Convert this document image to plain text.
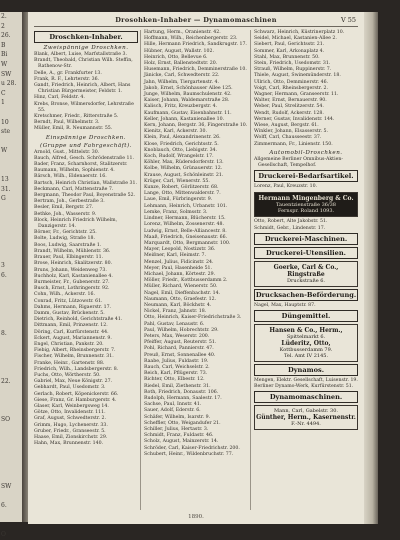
2.
2
26.
B
Bi
W
SW
u 28.
C
1

10
ste

W

13
31.
G

3
6.

8.

22.

SO

SW

6.

O
Drosohken-Inhaber — Dynamomaschinen	V 55
Droschken-Inhaber.
Zweispännige Droschken.

Blank, Albert, Luise, Marfstallstraße 3.

Brandt, Theobald, Christian Wilh. Steffin, Rathenow-Str.

Delle, A., gr. Frankfurter 13.

Frank, R. F., Lehrterstr. 36.

Gandt, Friedrich, Heinrich, Albert, Hans Christian Bürgermeister, Feldstr. 1.

Hinz, Carl, Feldstr. 4.

Krebs, Bronse, Wilmersdorfer, Lehrstraße 55.

Kretschmer, Friedr., Ritterstraße 5.

Berndt, Paul, Wilhelmstr. 3.

Müller, Emil, R. Neumannstr. 55.

Einspännige Droschken.
(Gruppe und Fahrgeschäft).

Arnold, Gust., Mittelstr. 30.

Bauch, Alfred, Gesch. Schrödenstraße 11.

Bader, Franz, Scharnhorst, Stalitzerstr.

Baumann, Wilhelm, Sophienstr. 4.

Bärsch, Wilh., Eldenaerstr. 16.

Bartsch, Heinrich Christian, Wallstraße 31.

Beckmann, Carl, Mattenstraße 7.

Bergmann, Theodor Paul, Boyenstraße 52.

Bertram, Joh., Gerbestraße 3.

Besler, Emil, Bergstr. 27.

Bethke, Joh., Wasserstr. 9.

Block, Heinrich Friedrich Wilhelm, Danzigerstr. 14.

Börner, Fr., Gerichtstr. 25.

Bolte, Ludwig, Straße 18.

Boos, Ludwig, Saarstraße 1.

Brandt, Wilhelm, Mühlenstr. 36.

Brauer, Paul, Elbingerstr. 11.

Brose, Heinrich, Skalitzerstr. 80.

Bruns, Johann, Weidenweg 73.

Buchholz, Karl, Kastanienallee 4.

Burmeister, Fr., Gubenerstr. 27.

Busch, Ernst, Lothringerstr. 92.

Cohn, Wilh., Ackerstr. 16.

Conrad, Fritz, Lützowstr. 61.

Dahms, Hermann, Rigaerstr. 17.

Damm, Gustav, Brückenstr. 5.

Dietrich, Reinhold, Gerichtstraße 41.

Dittmann, Emil, Prinzenstr. 12.

Döring, Carl, Kurfürstenstr. 44.

Eckert, August, Mariannenstr. 9.

Engel, Christian, Pankstr. 20.

Fiebig, Albert, Rheinsbergerstr. 7.

Fischer, Wilhelm, Brunnenstr. 31.

Franke, Heinr., Gartenstr. 88.

Friedrich, Wilh., Landsbergerstr. 8.

Fuchs, Otto, Wörtherstr. 50.

Gabriel, Max, Neue Königstr. 27.

Gebhardt, Paul, Usedomstr. 3.

Gerlach, Robert, Köpenickerstr. 66.

Giese, Franz, Gr. Hamburgerstr. 4.

Glaser, Karl, Weinbergsweg 14.

Götze, Otto, Invalidenstr. 111.

Graf, August, Schwedterstr. 2.

Grimm, Hugo, Lychenerstr. 33.

Gruber, Friedr., Granseestr. 5.

Haase, Emil, Zionskirchstr. 29.

Hahn, Max, Brunnenstr. 140.

Hartung, Herm., Oranienstr. 42.

Hoffmann, Wilh., Reichenbergerstr. 23.

Hille, Hermann Friedrich, Sandkrugstr. 17.

Hübner, August, Wallstr. 102.

Heinrich, Otto, Bellevue 6.

Holz, Ernst, Ballenstedtstr. 20.

Husemann, Friedrich, Demminerstraße 10.

Jänicke, Carl, Schwedterstr. 22.

Jahn, Wilhelm, Tiergartenstr. 4.

Jakob, Ernst, Schönhauser Allee 125.

Junge, Wilhelm, Baumschulenstr. 42.

Kaiser, Johann, Waldemarstraße 28.

Kalisch, Fritz, Kreuzbergstr. 4.

Kaufmann, Gustav, Eisenbahnstr. 11.

Keller, Johann, Kastanienallee 10.

Kern, Johann, Bergstr. 36, Fingerstraße 10.

Kienitz, Karl, Ackerstr. 30.

Klein, Paul, Alexandrinenstr. 26.

Klose, Friedrich, Gerichtsstr. 5.

Knoblauch, Otto, Liebigstr. 34.

Koch, Rudolf, Wrangelstr. 17.

Köhler, Max, Rüdersdorferstr. 13.

Kolbe, Wilhelm, Grünauerstr. 12.

Krause, August, Schönleinstr. 21.

Krüger, Carl, Wienerstr. 55.

Kunze, Robert, Görlitzerstr. 68.

Lange, Otto, Mittenwalderstr. 7.

Laue, Emil, Fürbringerstr. 9.

Lehmann, Heinrich, Urbanstr. 101.

Lemke, Franz, Solmsstr. 3.

Lindner, Hermann, Blücherstr. 15.

Lorenz, Wilhelm, Zossenerstr. 48.

Ludwig, Ernst, Belle-Alliancestr. 8.

Maaß, Friedrich, Gneisenaustr. 66.

Marquardt, Otto, Bergmannstr. 100.

Mayer, Leopold, Nostizstr. 36.

Meißner, Karl, Heimstr. 7.

Menzel, Julius, Fidicinstr. 24.

Meyer, Paul, Hasenheide 51.

Michael, Johann, Körtestr. 29.

Möller, Friedr., Kottbusserdamm 2.

Müller, Richard, Wienerstr. 50.

Nagel, Emil, Dieffenbachstr. 14.

Naumann, Otto, Graefestr. 12.

Neumann, Karl, Böckhstr. 4.

Nickel, Franz, Jahnstr. 18.

Otto, Heinrich, Kaiser-Friedrichstraße 3.

Pahl, Gustav, Lenaustr. 6.

Paul, Wilhelm, Hobrechtstr. 29.

Peters, Max, Weserstr. 200.

Pfeiffer, August, Reuterstr. 51.

Pohl, Richard, Pannierstr. 47.

Preuß, Ernst, Sonnenallee 40.

Raabe, Julius, Fuldastr. 19.

Rauch, Carl, Weichselstr. 2.

Reich, Karl, Pflügerstr. 73.

Richter, Otto, Elbestr. 12.

Riedel, Emil, Ziethenstr. 31.

Roth, Friedrich, Donaustr. 106.

Rudolph, Hermann, Saalestr. 17.

Sachse, Paul, Innstr. 41.

Sauer, Adolf, Ederstr. 6.

Schäfer, Wilhelm, Isarstr. 9.

Scheffler, Otto, Weigandufer 21.

Schiller, Julius, Hertastr. 3.

Schmidt, Franz, Fuldastr. 46.

Scholz, August, Mainzerstr. 14.

Schröder, Carl, Kaiser-Friedrichstr. 200.

Schubert, Heinr., Wildenbruchstr. 77.

Schwarz, Heinrich, Küstrinerplatz 10.

Seidel, Michael, Kastanien-Allee 2.

Siebert, Paul, Gerichtsstr. 21.

Sommer, Karl, Arkonaplatz 4.

Stahl, Max, Brunnenstr. 50.

Stein, Friedrich, Usedomstr. 31.

Strauß, Wilhelm, Ruppinerstr. 7.

Thiele, August, Swinemünderstr. 18.

Ullrich, Otto, Demminerstr. 46.

Voigt, Carl, Rheinsbergerstr. 2.

Wagner, Hermann, Granseerstr. 11.

Walter, Ernst, Bernauerstr. 90.

Weber, Paul, Strelitzerstr. 54.

Wendt, Rudolf, Ackerstr. 128.

Werner, Gustav, Invalidenstr. 144.

Wiese, August, Bergstr. 61.

Winkler, Johann, Elsasserstr. 5.

Wolff, Carl, Chausseestr. 37.

Zimmermann, Fr., Linienstr. 150.

Automobil-Droschken.

Allgemeine Berliner Omnibus-Aktien-Gesellschaft, Tempelhof.

Druckerei-Bedarfsartikel.

Lorenz, Paul, Kreuzstr. 10.

Hermann Mingenberg & Co.
Tauentzienstraße 36/38
Fernspr. Roland 1093.

Otto, Robert, Alte Jakobstr. 51.

Schmidt, Gebr., Lindenstr. 17.

Druckerei-Maschinen.
Druckerei-Utensilien.
Goerke, Carl & Co., Ringstraße
Druckstraße 6.
Drucksachen-Beförderung.

Nagel, Max, Hauptstr. 87.

Düngemittel.
Hansen & Co., Herm.,
Spittelmarkt 6.
Lüderitz, Otto,
Kottbusserdamm 79.
Tel. Amt IV 2145.
Dynamos.

Mengen, Elektr. Gesellschaft, Luisenstr. 19.

Berliner Dynamo-Werk, Kurfürstenstr. 51.

Dynamomaschinen.
Mann, Carl, Gabelstr. 30.
Günther, Herm., Kasernenstr.
F.-Nr. 4494.
1890.
